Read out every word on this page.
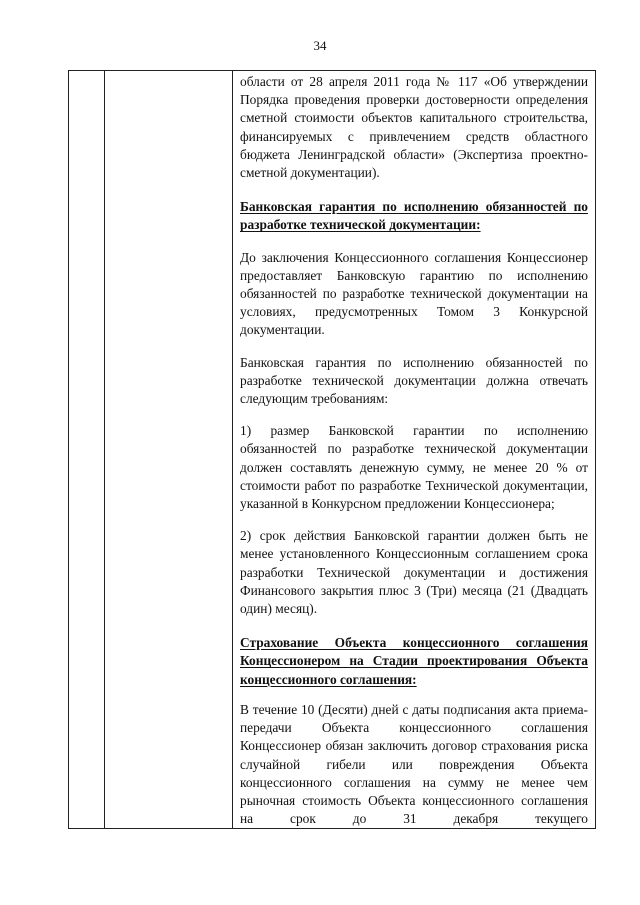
34

области от 28 апреля 2011 года № 117 «Об утверждении Порядка проведения проверки достоверности определения сметной стоимости объектов капитального строительства, финансируемых с привлечением средств областного бюджета Ленинградской области» (Экспертиза проектно-сметной документации).

Банковская гарантия по исполнению обязанностей по разработке технической документации:

До заключения Концессионного соглашения Концессионер предоставляет Банковскую гарантию по исполнению обязанностей по разработке технической документации на условиях, предусмотренных Томом 3 Конкурсной документации.

Банковская гарантия по исполнению обязанностей по разработке технической документации должна отвечать следующим требованиям:

1) размер Банковской гарантии по исполнению обязанностей по разработке технической документации должен составлять денежную сумму, не менее 20 % от стоимости работ по разработке Технической документации, указанной в Конкурсном предложении Концессионера;

2) срок действия Банковской гарантии должен быть не менее установленного Концессионным соглашением срока разработки Технической документации и достижения Финансового закрытия плюс 3 (Три) месяца (21 (Двадцать один) месяц).

Страхование Объекта концессионного соглашения Концессионером на Стадии проектирования Объекта концессионного соглашения:

В течение 10 (Десяти) дней с даты подписания акта приема-передачи Объекта концессионного соглашения Концессионер обязан заключить договор страхования риска случайной гибели или повреждения Объекта концессионного соглашения на сумму не менее чем рыночная стоимость Объекта концессионного соглашения на срок до 31 декабря текущего
